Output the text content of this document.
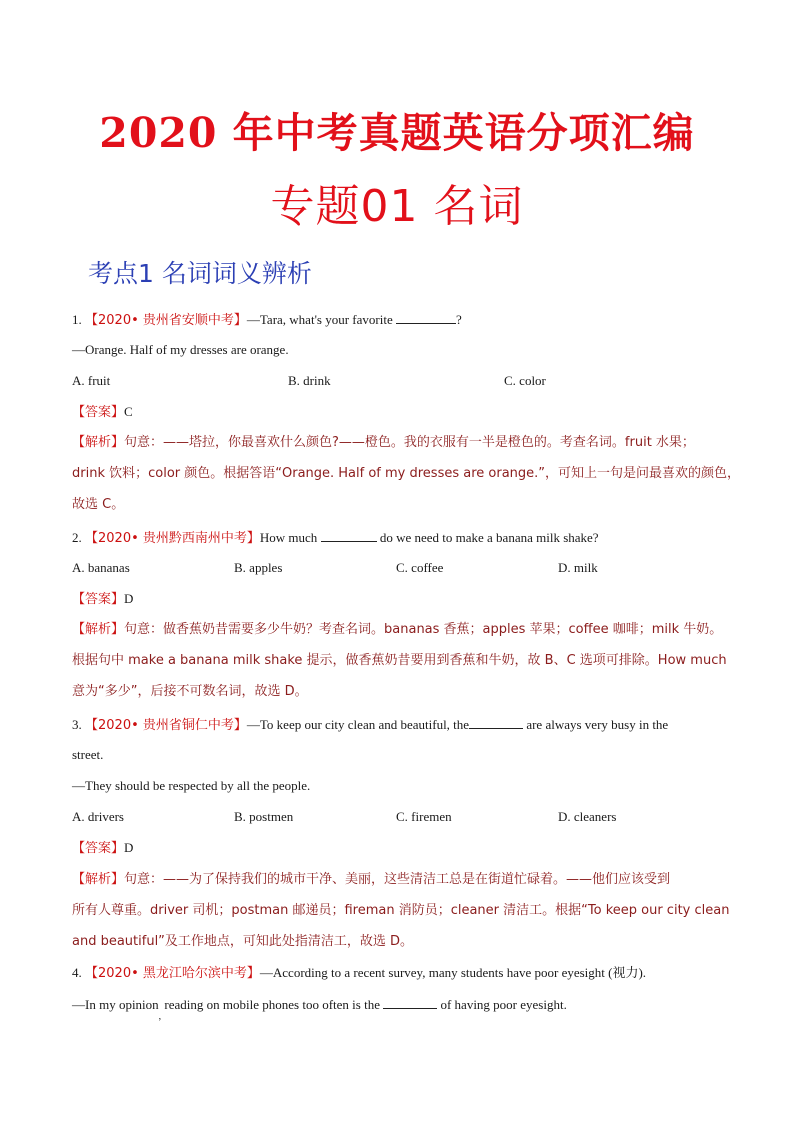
2020 年中考真题英语分项汇编
专题01 名词
考点1 名词词义辨析
1. 【2020• 贵州省安顺中考】—Tara, what's your favorite	?
—Orange. Half of my dresses are orange.
A. fruit	B. drink	C. color
【答案】C
【解析】句意：——塔拉，你最喜欢什么颜色?——橙色。我的衣服有一半是橙色的。考查名词。fruit 水果；
drink 饮料；color 颜色。根据答语“Orange. Half of my dresses are orange.”，可知上一句是问最喜欢的颜色，
故选 C。
2. 【2020• 贵州黔西南州中考】How much	do we need to make a banana milk shake?
A. bananas	B. apples	C. coffee	D. milk
【答案】D
【解析】句意：做香蕉奶昔需要多少牛奶？考查名词。bananas 香蕉；apples 苹果；coffee 咖啡；milk 牛奶。
根据句中 make a banana milk shake 提示，做香蕉奶昔要用到香蕉和牛奶，故 B、C 选项可排除。How much
意为“多少”，后接不可数名词，故选 D。
3. 【2020• 贵州省铜仁中考】—To keep our city clean and beautiful, the	are always very busy in the
street.
—They should be respected by all the people.
A. drivers	B. postmen	C. firemen	D. cleaners
【答案】D
【解析】句意：——为了保持我们的城市干净、美丽，这些清洁工总是在街道忙碌着。——他们应该受到
所有人尊重。driver 司机；postman 邮递员；fireman 消防员；cleaner 清洁工。根据“To keep our city clean
and beautiful”及工作地点，可知此处指清洁工，故选 D。
4. 【2020• 黑龙江哈尔滨中考】—According to a recent survey, many students have poor eyesight (视力).
—In my opinion$_,$ reading on mobile phones too often is the	of having poor eyesight.
